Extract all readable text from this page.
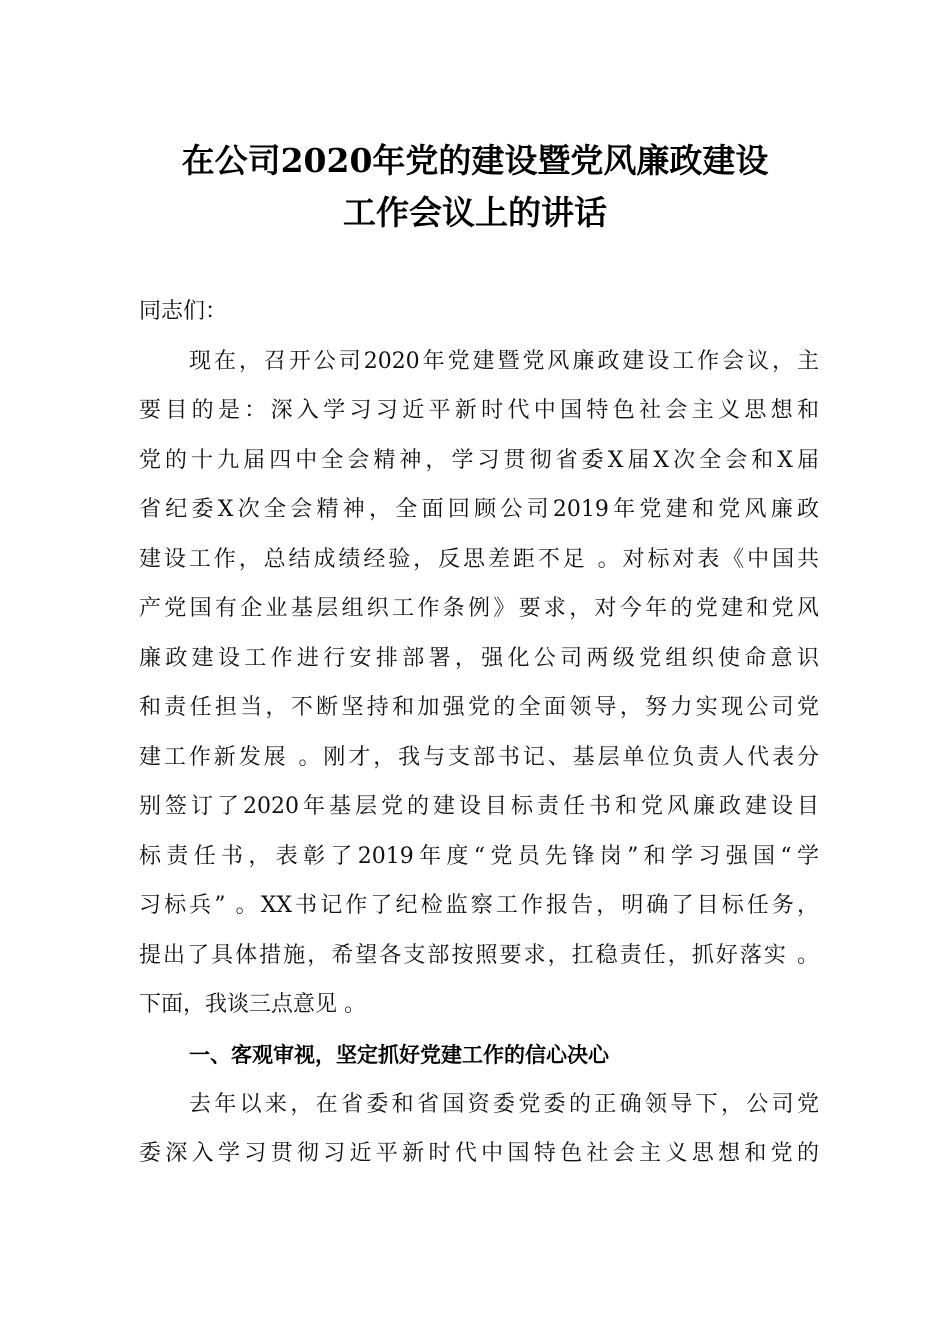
在公司2020年党的建设暨党风廉政建设
工作会议上的讲话
同志们：
现在，召开公司2020年党建暨党风廉政建设工作会议，主
要目的是：深入学习习近平新时代中国特色社会主义思想和
党的十九届四中全会精神，学习贯彻省委X届X次全会和X届
省纪委X次全会精神，全面回顾公司2019年党建和党风廉政
建设工作，总结成绩经验，反思差距不足 。对标对表《中国共
产党国有企业基层组织工作条例》要求，对今年的党建和党风
廉政建设工作进行安排部署，强化公司两级党组织使命意识
和责任担当，不断坚持和加强党的全面领导，努力实现公司党
建工作新发展 。刚才，我与支部书记、基层单位负责人代表分
别签订了2020年基层党的建设目标责任书和党风廉政建设目
标责任书，表彰了2019年度“党员先锋岗”和学习强国“学
习标兵” 。XX书记作了纪检监察工作报告，明确了目标任务，
提出了具体措施，希望各支部按照要求，扛稳责任，抓好落实 。
下面，我谈三点意见 。
一、客观审视，坚定抓好党建工作的信心决心
去年以来，在省委和省国资委党委的正确领导下，公司党
委深入学习贯彻习近平新时代中国特色社会主义思想和党的
